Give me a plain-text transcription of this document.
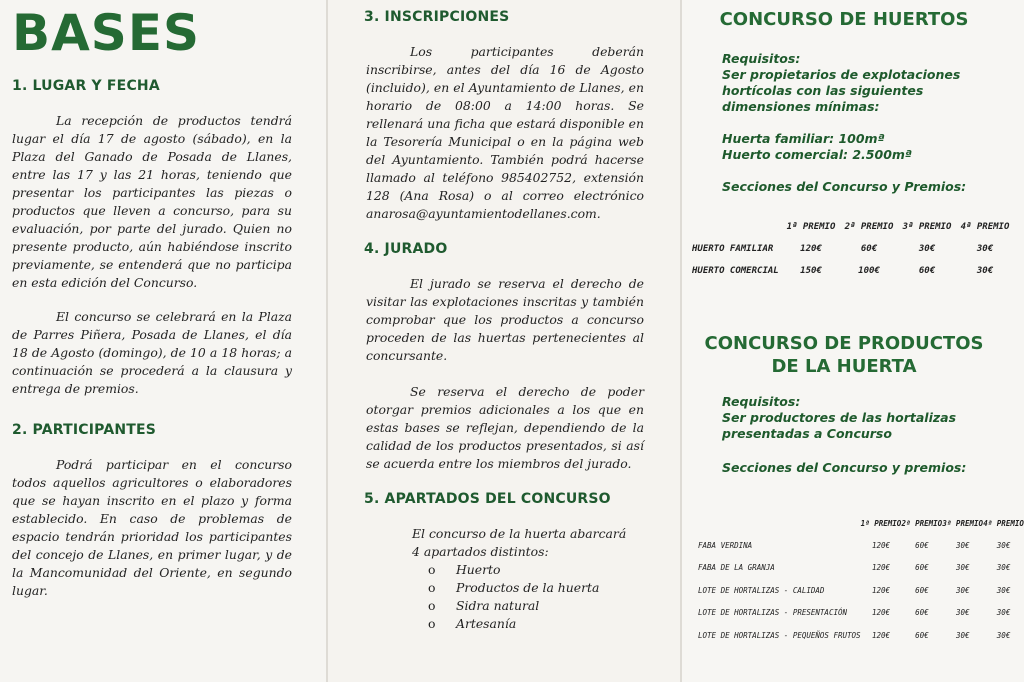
BASES
1. LUGAR Y FECHA

La recepción de productos tendrá lugar el día 17 de agosto (sábado), en la Plaza del Ganado de Posada de Llanes, entre las 17 y las 21 horas, teniendo que presentar los participantes las piezas o productos que lleven a concurso, para su evaluación, por parte del jurado. Quien no presente producto, aún habiéndose inscrito previamente, se entenderá que no participa en esta edición del Concurso.

El concurso se celebrará en la Plaza de Parres Piñera, Posada de Llanes, el día 18 de Agosto (domingo), de 10 a 18 horas; a continuación se procederá a la clausura y entrega de premios.

2. PARTICIPANTES

Podrá participar en el concurso todos aquellos agricultores o elaboradores que se hayan inscrito en el plazo y forma establecido. En caso de problemas de espacio tendrán prioridad los participantes del concejo de Llanes, en primer lugar, y de la Mancomunidad del Oriente, en segundo lugar.

3. INSCRIPCIONES

Los participantes deberán inscribirse, antes del día 16 de Agosto (incluido), en el Ayuntamiento de Llanes, en horario de 08:00 a 14:00 horas. Se rellenará una ficha que estará disponible en la Tesorería Municipal o en la página web del Ayuntamiento. También podrá hacerse llamado al teléfono 985402752, extensión 128 (Ana Rosa) o al correo electrónico anarosa@ayuntamientodellanes.com.

4. JURADO

El jurado se reserva el derecho de visitar las explotaciones inscritas y también comprobar que los productos a concurso proceden de las huertas pertenecientes al concursante.

Se reserva el derecho de poder otorgar premios adicionales a los que en estas bases se reflejan, dependiendo de la calidad de los productos presentados, si así se acuerda entre los miembros del jurado.

5. APARTADOS DEL CONCURSO

El concurso de la huerta abarcará 4 apartados distintos:

o Huerto
o Productos de la huerta
o Sidra natural
o Artesanía
CONCURSO DE HUERTOS
Requisitos:
Ser propietarios de explotaciones hortícolas con las siguientes dimensiones mínimas:
Huerta familiar: 100mª
Huerto comercial: 2.500mª
Secciones del Concurso y Premios:
	1ª PREMIO	2ª PREMIO	3ª PREMIO	4ª PREMIO
HUERTO FAMILIAR	120€	60€	30€	30€
HUERTO COMERCIAL	150€	100€	60€	30€
CONCURSO DE PRODUCTOS DE LA HUERTA
Requisitos:
Ser productores de las hortalizas presentadas a Concurso
Secciones del Concurso y premios:
	1ª PREMIO	2ª PREMIO	3ª PREMIO	4ª PREMIO
FABA VERDINA	120€	60€	30€	30€
FABA DE LA GRANJA	120€	60€	30€	30€
LOTE DE HORTALIZAS - CALIDAD	120€	60€	30€	30€
LOTE DE HORTALIZAS - PRESENTACIÓN	120€	60€	30€	30€
LOTE DE HORTALIZAS - PEQUEÑOS FRUTOS	120€	60€	30€	30€
